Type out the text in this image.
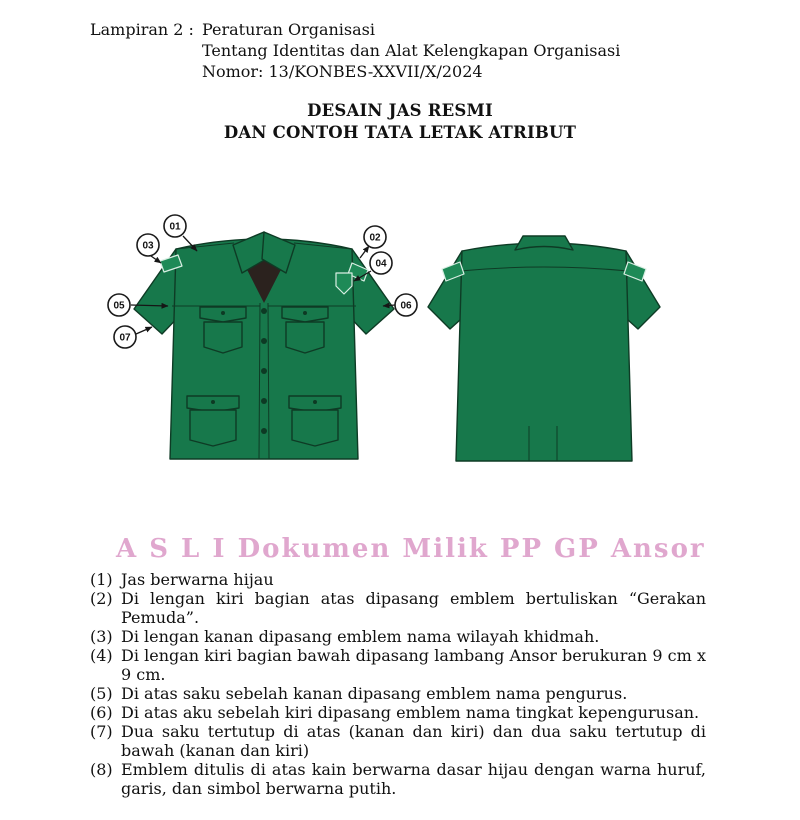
Lampiran 2 : Peraturan Organisasi
Tentang Identitas dan Alat Kelengkapan Organisasi
Nomor: 13/KONBES-XXVII/X/2024
DESAIN JAS RESMI
DAN CONTOH TATA LETAK ATRIBUT
01
02
03
04
05	06
07
A S L I Dokumen Milik PP GP Ansor
(1) Jas berwarna hijau
(2) Di lengan kiri bagian atas dipasang emblem bertuliskan “Gerakan Pemuda”.
(3) Di lengan kanan dipasang emblem nama wilayah khidmah.
(4) Di lengan kiri bagian bawah dipasang lambang Ansor berukuran 9 cm x 9 cm.
(5) Di atas saku sebelah kanan dipasang emblem nama pengurus.
(6) Di atas aku sebelah kiri dipasang emblem nama tingkat kepengurusan.
(7) Dua saku tertutup di atas (kanan dan kiri) dan dua saku tertutup di bawah (kanan dan kiri)
(8) Emblem ditulis di atas kain berwarna dasar hijau dengan warna huruf, garis, dan simbol berwarna putih.
